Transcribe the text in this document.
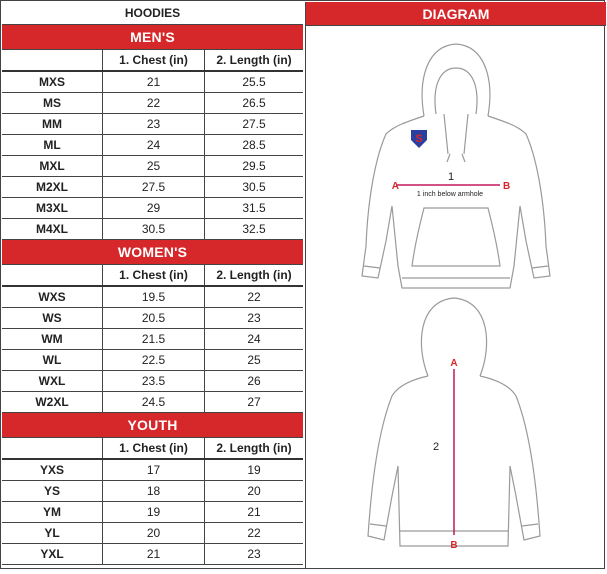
HOODIES
MEN'S
1. Chest (in)	2. Length (in)
MXS	21	25.5
MS	22	26.5
MM	23	27.5
ML	24	28.5
MXL	25	29.5
M2XL	27.5	30.5
M3XL	29	31.5
M4XL	30.5	32.5
WOMEN'S
1. Chest (in)	2. Length (in)
WXS	19.5	22
WS	20.5	23
WM	21.5	24
WL	22.5	25
WXL	23.5	26
W2XL	24.5	27
YOUTH
1. Chest (in)	2. Length (in)
YXS	17	19
YS	18	20
YM	19	21
YL	20	22
YXL	21	23
DIAGRAM
S
1
A	B
1 inch below armhole
A
B
2
